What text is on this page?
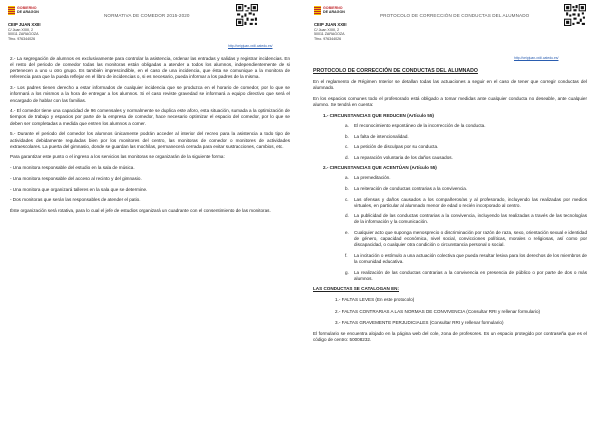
GOBIERNO
DE ARAGON
CEIP JUAN XXIII
C/ Juan XXIII, 2
50011 ZARAGOZA
Tfno. 976344026
NORMATIVA DE COMEDOR 2015-2020
http://ceipjuan-xxiii.catedu.es/

2.- La segregación de alumnos es exclusivamente para controlar la asistencia, ordenar las entradas y salidas y registrar incidencias. En el resto del periodo de comedor todas las monitoras están obligadas a atender a todos los alumnos, independientemente de si pertenecen a uno u otro grupo. Es también imprescindible, en el caso de una incidencia, que ésta se comunique a la monitora de referencia para que la pueda reflejar en el libro de incidencias o, si es necesario, pueda informar a los padres de la misma.

3.- Los padres tienen derecho a estar informados de cualquier incidencia que se produzca en el horario de comedor, por lo que se informará a los mismos a la hora de entregar a los alumnos. Si el caso reviste gravedad se informará a equipo directivo que será el encargado de hablar con las familias.

4.- El comedor tiene una capacidad de 96 comensales y normalmente se duplica este aforo, esta situación, sumada a la optimización de tiempos de trabajo y espacios por parte de la empresa de comedor, hace necesario optimizar el espacio del comedor, por lo que se deben ser completadas a medida que entren los alumnos a comer.

5.- Durante el periodo del comedor los alumnos únicamente podrán acceder al interior del recreo para la asistencia a todo tipo de actividades debidamente reguladas bien por los monitores del centro, las monitoras de comedor o monitores de actividades extraescolares. La puerta del gimnasio, donde se guardan las mochilas, permanecerá cerrada para evitar sustracciones, cambios, etc.

Para garantizar este punto o el ingreso a los servicios las monitoras se organizarán de la siguiente forma:

- Una monitora responsable del estudio en la sala de música.

- Una monitora responsable del acceso al recinto y del gimnasio.

- Una monitora que organizará talleres en la sala que se determine.

- Dos monitoras que serán las responsables de atender el patio.

Éste organización será rotativa, para lo cual el jefe de estudios organizará un cuadrante con el consentimiento de las monitoras.

GOBIERNO
DE ARAGON
CEIP JUAN XXIII
C/ Juan XXIII, 2
50011 ZARAGOZA
Tfno. 976344026
PROTOCOLO DE CORRECCIÓN DE CONDUCTAS DEL ALUMNADO
http://ceipjuan-xxiii.catedu.es/
PROTOCOLO DE CORRECCIÓN DE CONDUCTAS DEL ALUMNADO

En el reglamento de Régimen Interior se detallan todas las actuaciones a seguir en el caso de tener que corregir conductas del alumnado.

En los espacios comunes todo el profesorado está obligado a tomar medidas ante cualquier conducta no deseable, ante cualquier alumno. Se tendrá en cuenta:

1.- CIRCUNSTANCIAS QUE REDUCEN (Artículo 55)
a.	El reconocimiento espontáneo de la incorrección de la conducta.
b.	La falta de intencionalidad.
c.	La petición de disculpas por su conducta.
d.	La reparación voluntaria de los daños causados.
2.- CIRCUNSTANCIAS QUE ACENTÚAN (Artículo 55)
a.	La premeditación.
b.	La reiteración de conductas contrarias a la convivencia.
c.	Las ofensas y daños causados a los compañeros/as y al profesorado, incluyendo las realizadas por medios virtuales, en particular al alumnado menor de edad o recién incorporado al centro.
d.	La publicidad de las conductas contrarias a la convivencia, incluyendo las realizadas a través de las tecnologías de la información y la comunicación.
e.	Cualquier acto que suponga menosprecio o discriminación por razón de raza, sexo, orientación sexual e identidad de género, capacidad económica, nivel social, convicciones políticas, morales o religiosas, así como por discapacidad, o cualquier otra condición o circunstancia personal o social.
f.	La incitación o estímulo a una actuación colectiva que pueda resultar lesiva para los derechos de los miembros de la comunidad educativa.
g.	La realización de las conductas contrarias a la convivencia en presencia de público o por parte de dos o más alumnos.
LAS CONDUCTAS SE CATALOGAN EN:
1.- FALTAS LEVES (En este protocolo)
2.- FALTAS CONTRARIAS A LAS NORMAS DE CONVIVENCIA (Consultar RRI y rellenar formulario)
3.- FALTAS GRAVEMENTE PERJUDICIALES (Consultar RRI y rellenar formulario)

El formulario se encuentra alojado en la página web del cole, zona de profesores. Es un espacio protegido por contraseña que es el código de centro: 50008232.
